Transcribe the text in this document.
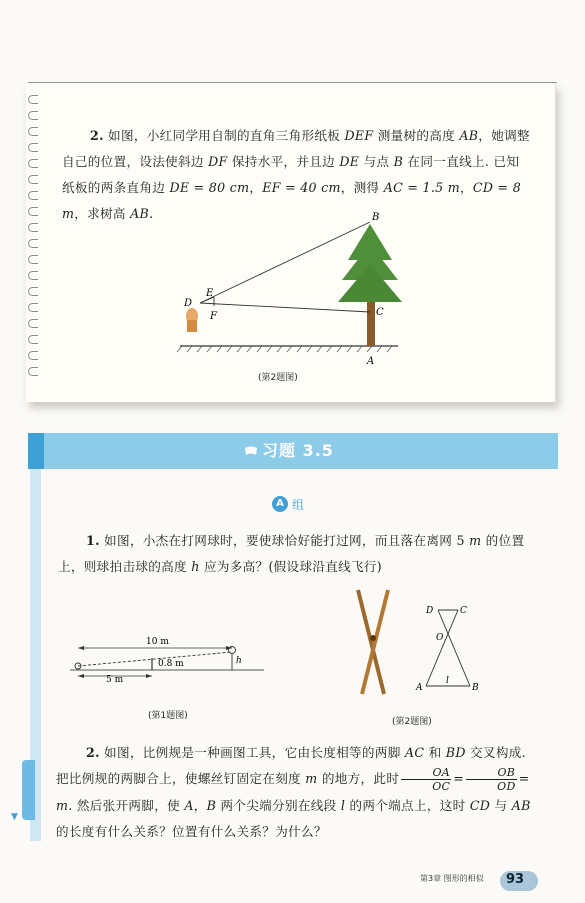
2. 如图，小红同学用自制的直角三角形纸板 DEF 测量树的高度 AB，她调整自己的位置，设法使斜边 DF 保持水平，并且边 DE 与点 B 在同一直线上. 已知纸板的两条直角边 DE = 80 cm，EF = 40 cm，测得 AC = 1.5 m，CD = 8 m，求树高 AB.

D
E
F
B
C
A
(第2题图)
习题 3.5
▼
A 组

1. 如图，小杰在打网球时，要使球恰好能打过网，而且落在离网 5 m 的位置上，则球拍击球的高度 h 应为多高？(假设球沿直线飞行)

10 m
0.8 m
5 m
h
(第1题图)
D	C
O
A	B
l
(第2题图)

2. 如图，比例规是一种画图工具，它由长度相等的两脚 AC 和 BD 交叉构成. 把比例规的两脚合上，使螺丝钉固定在刻度 m 的地方，此时 $\frac{OA}{OC} = \frac{OB}{OD} = m$. 然后张开两脚，使 A，B 两个尖端分别在线段 l 的两个端点上，这时 CD 与 AB 的长度有什么关系？位置有什么关系？为什么？

第3章 图形的相似 93
